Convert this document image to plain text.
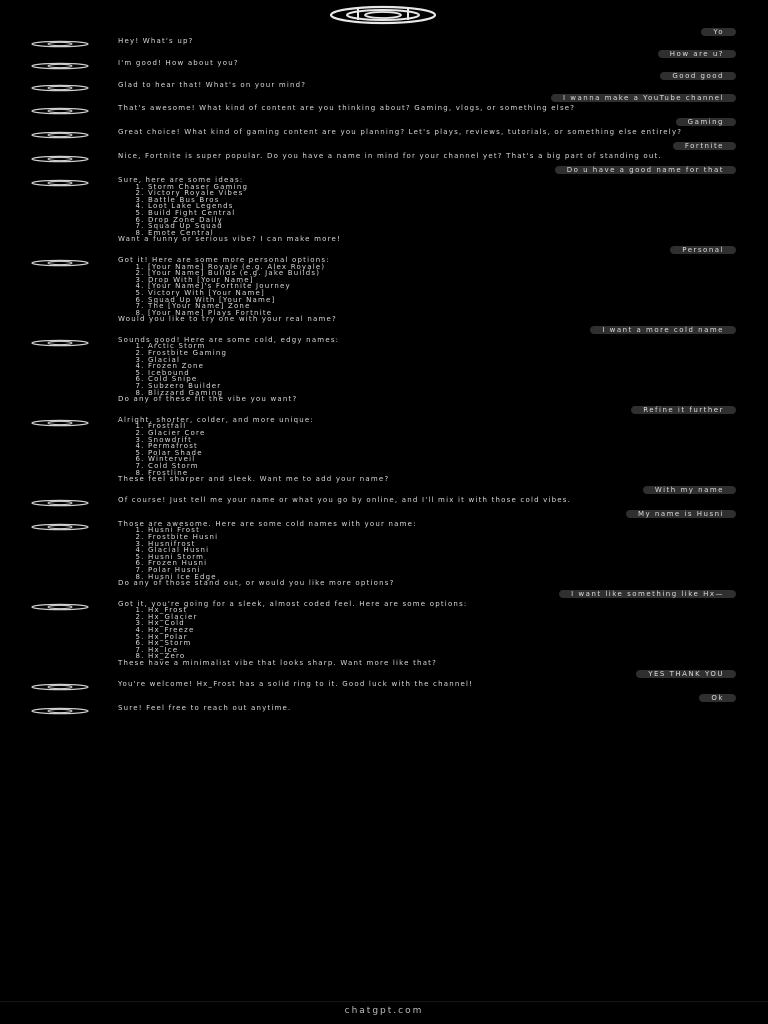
Yo
Hey! What's up?
How are u?
I'm good! How about you?
Good good
Glad to hear that! What's on your mind?
I wanna make a YouTube channel
That's awesome! What kind of content are you thinking about? Gaming, vlogs, or something else?
Gaming
Great choice! What kind of gaming content are you planning? Let's plays, reviews, tutorials, or something else entirely?
Fortnite
Nice, Fortnite is super popular. Do you have a name in mind for your channel yet? That's a big part of standing out.
Do u have a good name for that
Sure, here are some ideas:
1. Storm Chaser Gaming
2. Victory Royale Vibes
3. Battle Bus Bros
4. Loot Lake Legends
5. Build Fight Central
6. Drop Zone Daily
7. Squad Up Squad
8. Emote Central
Want a funny or serious vibe? I can make more!
Personal
Got it! Here are some more personal options:
1. [Your Name] Royale (e.g. Alex Royale)
2. [Your Name] Builds (e.g. Jake Builds)
3. Drop With [Your Name]
4. [Your Name]'s Fortnite Journey
5. Victory With [Your Name]
6. Squad Up With [Your Name]
7. The [Your Name] Zone
8. [Your Name] Plays Fortnite
Would you like to try one with your real name?
I want a more cold name
Sounds good! Here are some cold, edgy names:
1. Arctic Storm
2. Frostbite Gaming
3. Glacial
4. Frozen Zone
5. Icebound
6. Cold Snipe
7. Subzero Builder
8. Blizzard Gaming
Do any of these fit the vibe you want?
Refine it further
Alright, shorter, colder, and more unique:
1. Frostfall
2. Glacier Core
3. Snowdrift
4. Permafrost
5. Polar Shade
6. Winterveil
7. Cold Storm
8. Frostline
These feel sharper and sleek. Want me to add your name?
With my name
Of course! Just tell me your name or what you go by online, and I'll mix it with those cold vibes.
My name is Husni
Those are awesome. Here are some cold names with your name:
1. Husni Frost
2. Frostbite Husni
3. Husnifrost
4. Glacial Husni
5. Husni Storm
6. Frozen Husni
7. Polar Husni
8. Husni Ice Edge
Do any of those stand out, or would you like more options?
I want like something like Hx—
Got it, you're going for a sleek, almost coded feel. Here are some options:
1. Hx_Frost
2. Hx_Glacier
3. Hx_Cold
4. Hx_Freeze
5. Hx_Polar
6. Hx_Storm
7. Hx_Ice
8. Hx_Zero
These have a minimalist vibe that looks sharp. Want more like that?
YES THANK YOU
You're welcome! Hx_Frost has a solid ring to it. Good luck with the channel!
Ok
Sure! Feel free to reach out anytime.
chatgpt.com
